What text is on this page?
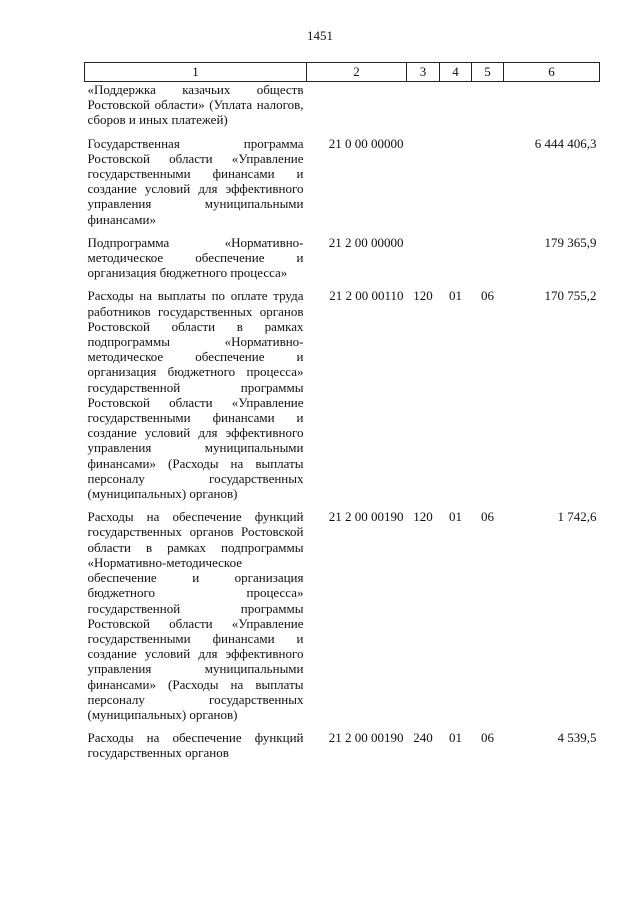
1451
1	2	3	4	5	6
«Поддержка казачьих обществ Ростовской области» (Уплата налогов, сборов и иных платежей)					
Государственная программа Ростовской области «Управление государственными финансами и создание условий для эффективного управления муниципальными финансами»	21 0 00 00000				6 444 406,3
Подпрограмма «Нормативно-методическое обеспечение и организация бюджетного процесса»	21 2 00 00000				179 365,9
Расходы на выплаты по оплате труда работников государственных органов Ростовской области в рамках подпрограммы «Нормативно-методическое обеспечение и организация бюджетного процесса» государственной программы Ростовской области «Управление государственными финансами и создание условий для эффективного управления муниципальными финансами» (Расходы на выплаты персоналу государственных (муниципальных) органов)	21 2 00 00110	120	01	06	170 755,2
Расходы на обеспечение функций государственных органов Ростовской области в рамках подпрограммы «Нормативно-методическое обеспечение и организация бюджетного процесса» государственной программы Ростовской области «Управление государственными финансами и создание условий для эффективного управления муниципальными финансами» (Расходы на выплаты персоналу государственных (муниципальных) органов)	21 2 00 00190	120	01	06	1 742,6
Расходы на обеспечение функций государственных органов	21 2 00 00190	240	01	06	4 539,5
